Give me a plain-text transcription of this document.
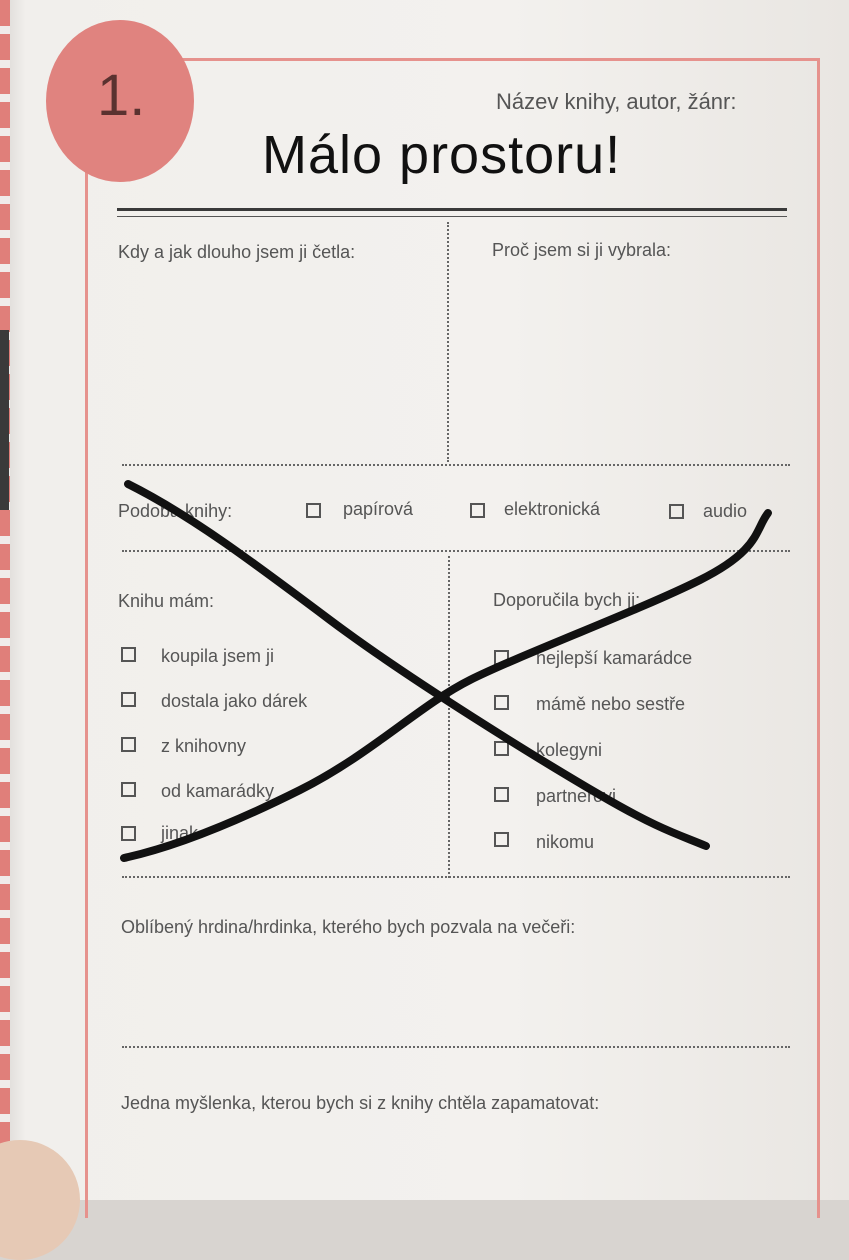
1.	Název knihy, autor, žánr:
Málo prostoru!
Kdy a jak dlouho jsem ji četla:	Proč jsem si ji vybrala:
Podoba knihy:	papírová	elektronická	audio
Knihu mám:	Doporučila bych ji:
koupila jsem ji
dostala jako dárek
z knihovny
od kamarádky
jinak
nejlepší kamarádce
mámě nebo sestře
kolegyni
partnerovi
nikomu
Oblíbený hrdina/hrdinka, kterého bych pozvala na večeři:
Jedna myšlenka, kterou bych si z knihy chtěla zapamatovat:
